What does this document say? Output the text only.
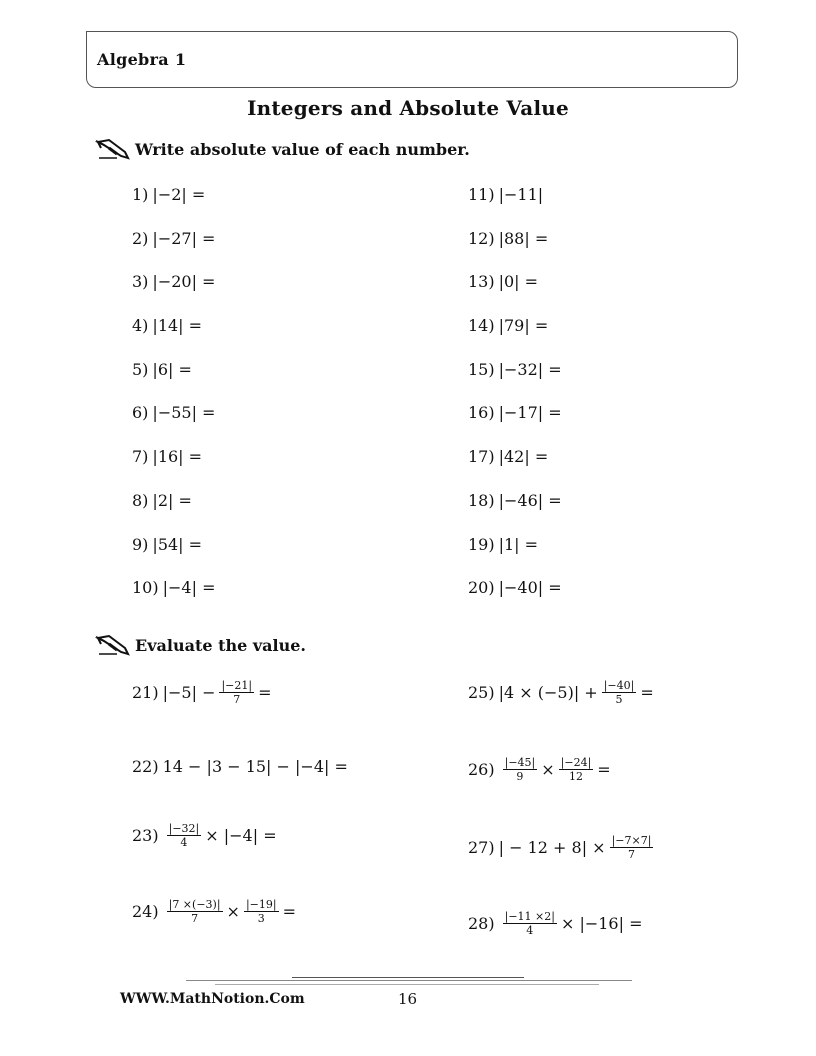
Algebra 1
Integers and Absolute Value
Write absolute value of each number.
1) |−2| =
2) |−27| =
3) |−20| =
4) |14| =
5) |6| =
6) |−55| =
7) |16| =
8) |2| =
9) |54| =
10) |−4| =
11) |−11|
12) |88| =
13) |0| =
14) |79| =
15) |−32| =
16) |−17| =
17) |42| =
18) |−46| =
19) |1| =
20) |−40| =
Evaluate the value.
21) $|-5| - \frac{|-21|}{7}$ =
22) 14 − |3 − 15| − |−4| =
$23) \frac{|-32|}{4} \times |-4|$ =
$24) \frac{|7 \times(-3)|}{7} \times \frac{|-19|}{3}$ =
25) $|4 \times (-5)| + \frac{|-40|}{5}$ =
$26) \frac{|-45|}{9} \times \frac{|-24|}{12}$ =
27) | − $12 + 8| \times \frac{|-7\times 7|}{7}$
$28) \frac{|-11 \times 2|}{4} \times |-16|$ =
WWW.MathNotion.Com	16
